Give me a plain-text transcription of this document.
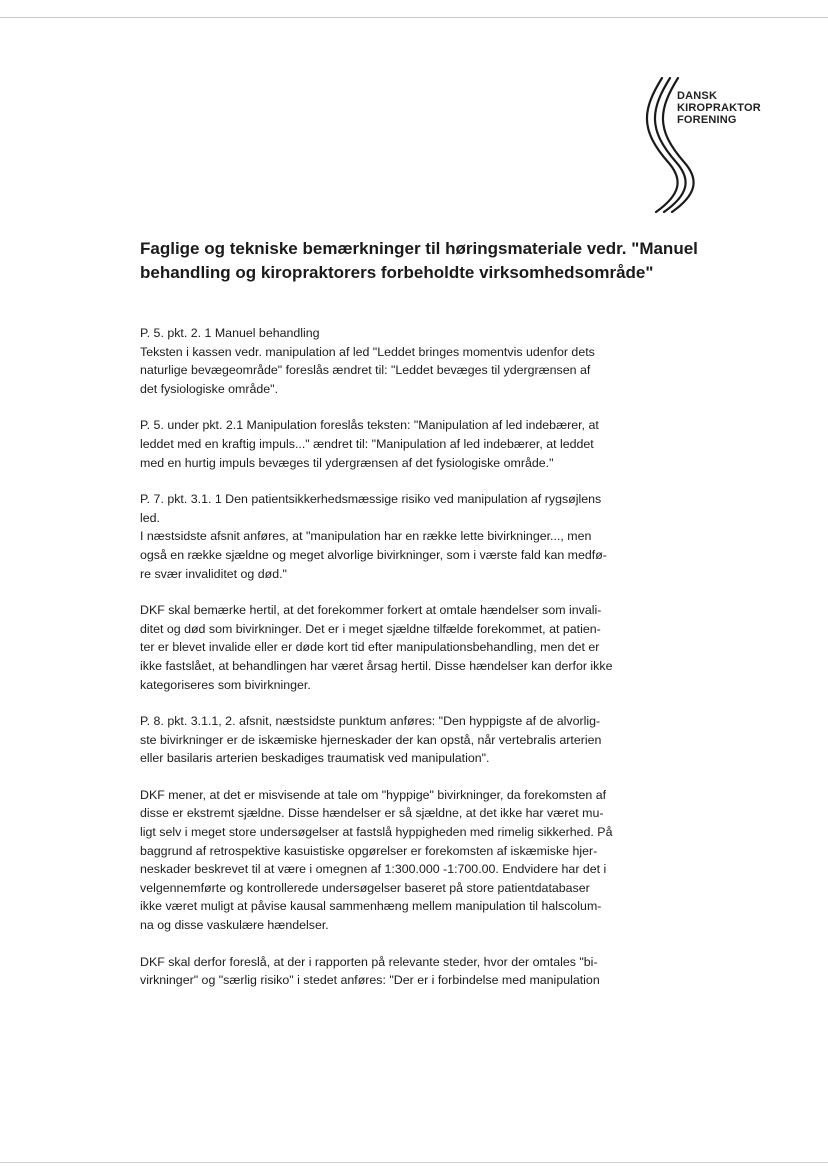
DANSK
KIROPRAKTOR
FORENING
Faglige og tekniske bemærkninger til høringsmateriale vedr. "Manuel
behandling og kiropraktorers forbeholdte virksomhedsområde"

P. 5. pkt. 2. 1 Manuel behandling
Teksten i kassen vedr. manipulation af led "Leddet bringes momentvis udenfor dets
naturlige bevægeområde" foreslås ændret til: "Leddet bevæges til ydergrænsen af
det fysiologiske område".

P. 5. under pkt. 2.1 Manipulation foreslås teksten: "Manipulation af led indebærer, at
leddet med en kraftig impuls..." ændret til: "Manipulation af led indebærer, at leddet
med en hurtig impuls bevæges til ydergrænsen af det fysiologiske område."

P. 7. pkt. 3.1. 1 Den patientsikkerhedsmæssige risiko ved manipulation af rygsøjlens
led.
I næstsidste afsnit anføres, at "manipulation har en række lette bivirkninger..., men
også en række sjældne og meget alvorlige bivirkninger, som i værste fald kan medfø-
re svær invaliditet og død."

DKF skal bemærke hertil, at det forekommer forkert at omtale hændelser som invali-
ditet og død som bivirkninger. Det er i meget sjældne tilfælde forekommet, at patien-
ter er blevet invalide eller er døde kort tid efter manipulationsbehandling, men det er
ikke fastslået, at behandlingen har været årsag hertil. Disse hændelser kan derfor ikke
kategoriseres som bivirkninger.

P. 8. pkt. 3.1.1, 2. afsnit, næstsidste punktum anføres: "Den hyppigste af de alvorlig-
ste bivirkninger er de iskæmiske hjerneskader der kan opstå, når vertebralis arterien
eller basilaris arterien beskadiges traumatisk ved manipulation".

DKF mener, at det er misvisende at tale om "hyppige" bivirkninger, da forekomsten af
disse er ekstremt sjældne. Disse hændelser er så sjældne, at det ikke har været mu-
ligt selv i meget store undersøgelser at fastslå hyppigheden med rimelig sikkerhed. På
baggrund af retrospektive kasuistiske opgørelser er forekomsten af iskæmiske hjer-
neskader beskrevet til at være i omegnen af 1:300.000 -1:700.00. Endvidere har det i
velgennemførte og kontrollerede undersøgelser baseret på store patientdatabaser
ikke været muligt at påvise kausal sammenhæng mellem manipulation til halscolum-
na og disse vaskulære hændelser.

DKF skal derfor foreslå, at der i rapporten på relevante steder, hvor der omtales "bi-
virkninger" og "særlig risiko" i stedet anføres: "Der er i forbindelse med manipulation
